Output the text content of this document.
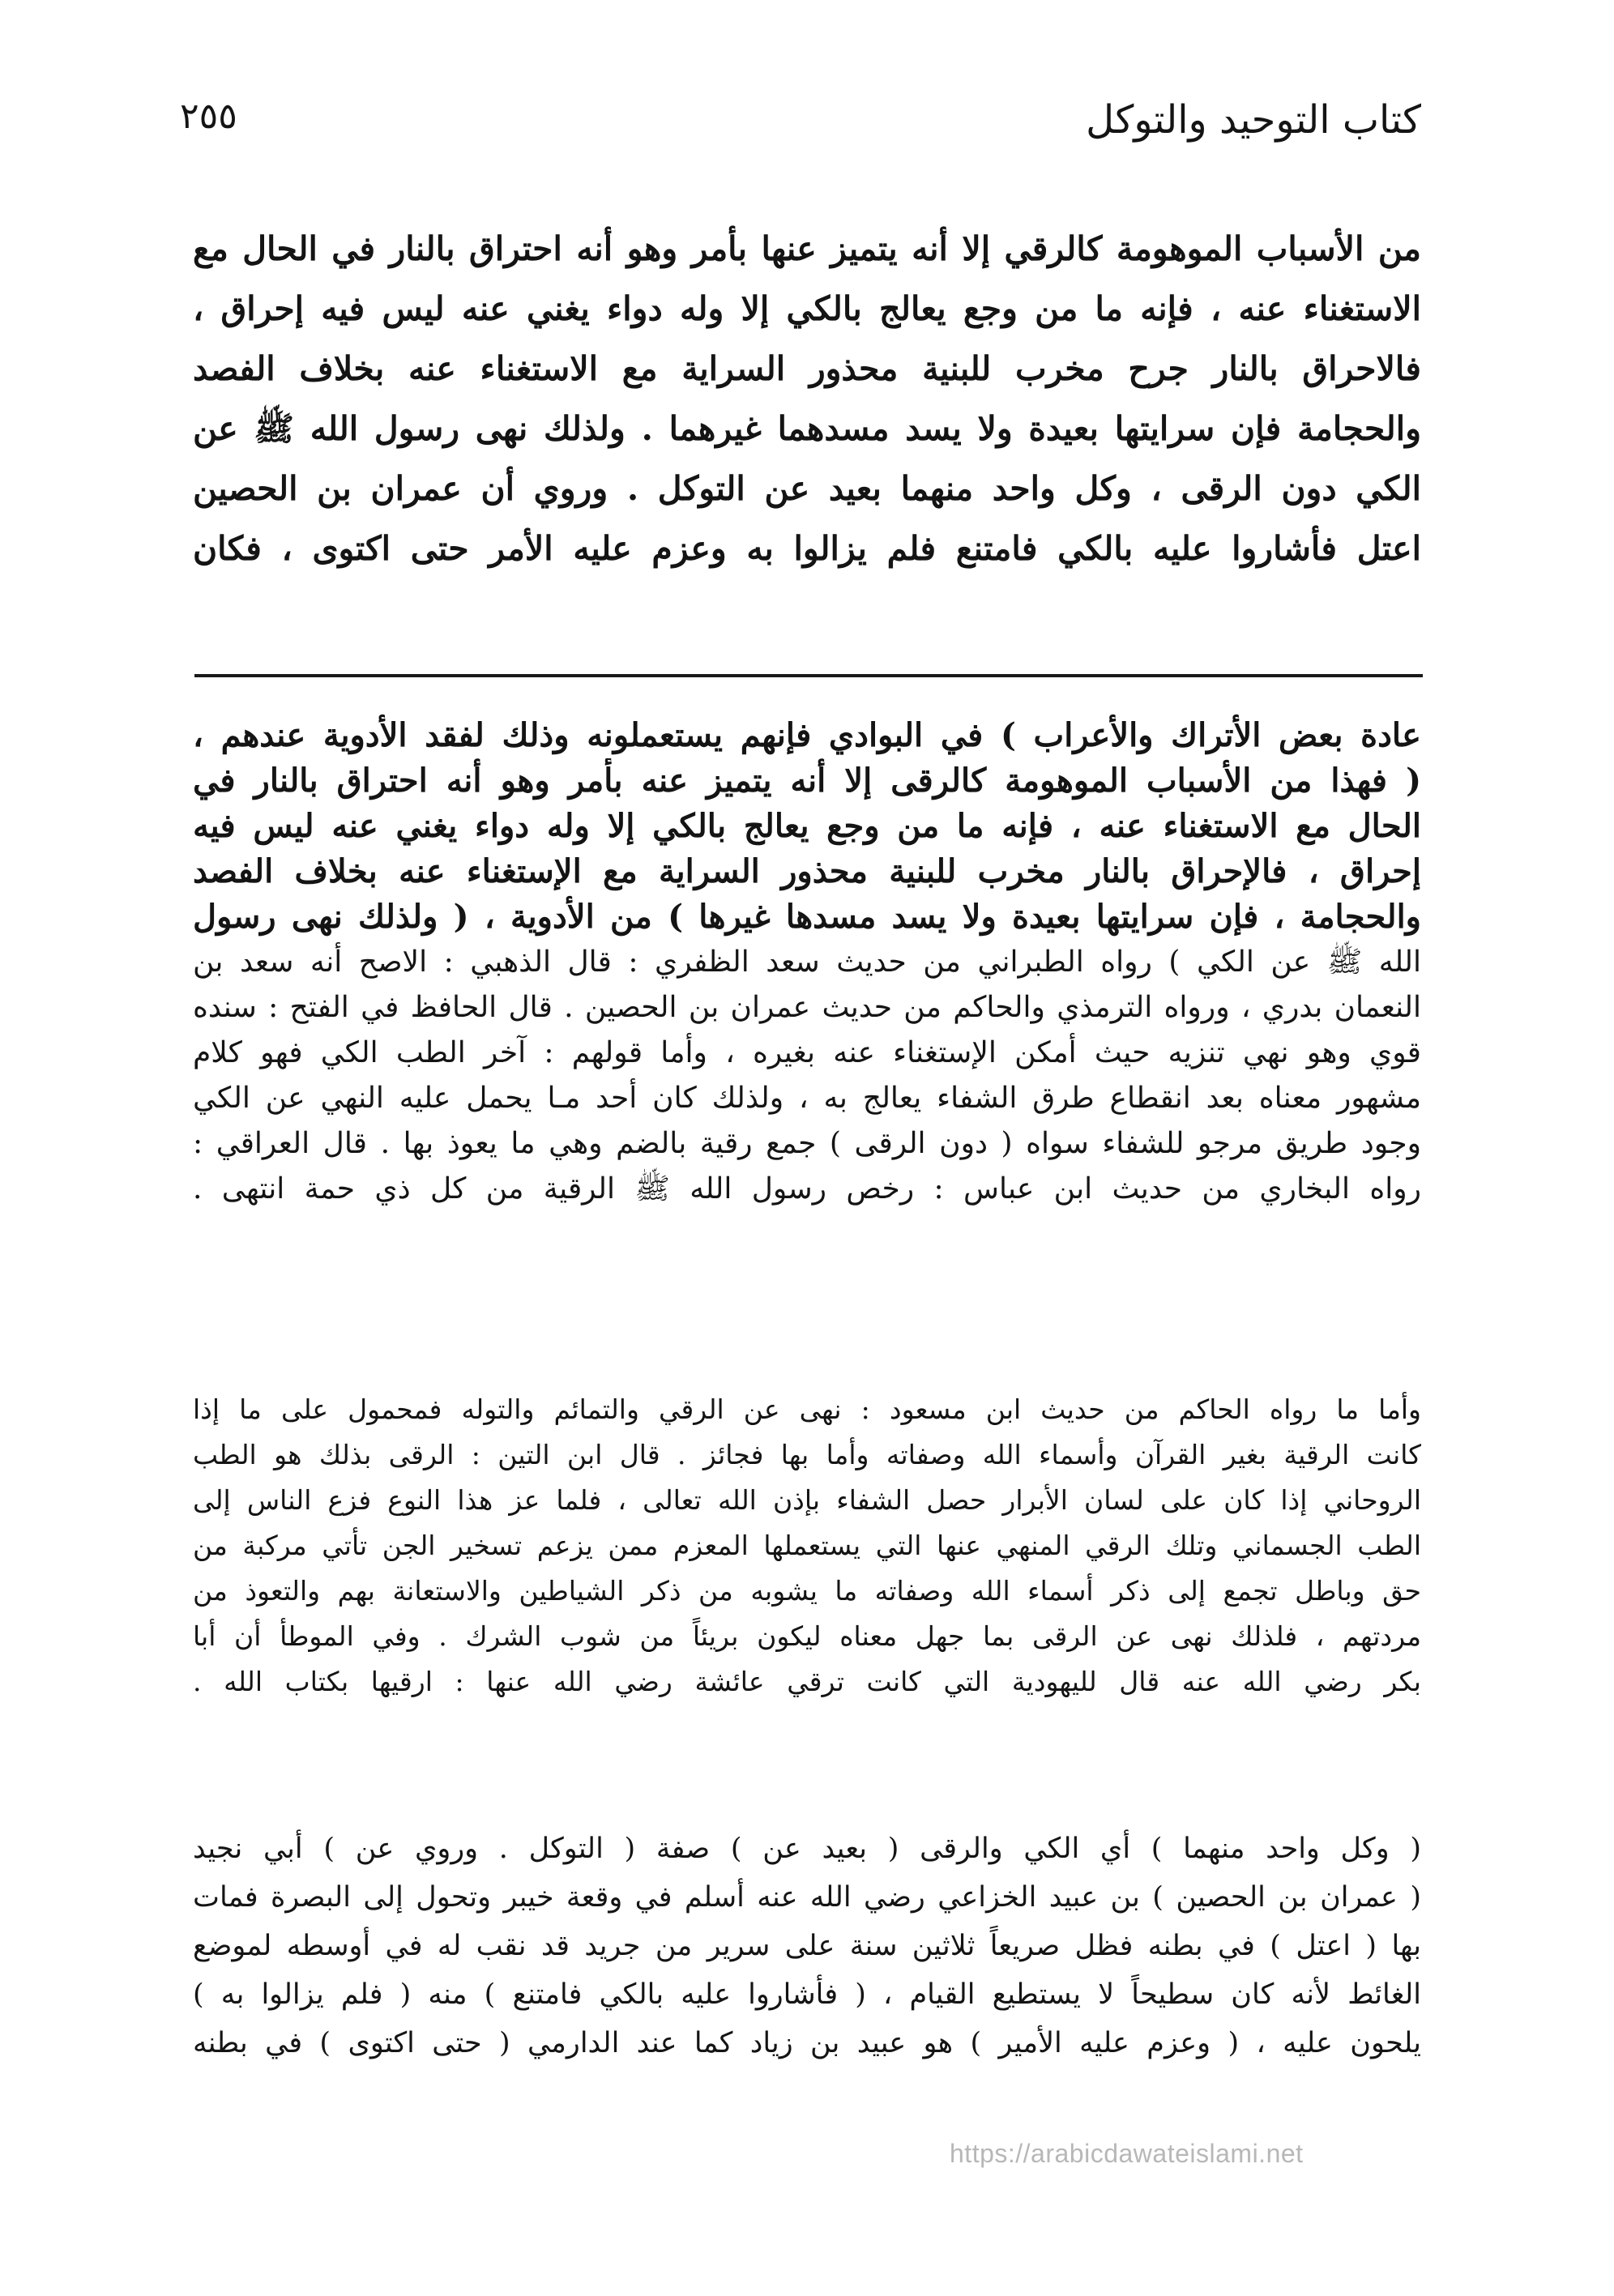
كتاب التوحيد والتوكل
٢٥٥
من الأسباب الموهومة كالرقي إلا أنه يتميز عنها بأمر وهو أنه احتراق بالنار في الحال مع
الاستغناء عنه ، فإنه ما من وجع يعالج بالكي إلا وله دواء يغني عنه ليس فيه إحراق ،
فالاحراق بالنار جرح مخرب للبنية محذور السراية مع الاستغناء عنه بخلاف الفصد
والحجامة فإن سرايتها بعيدة ولا يسد مسدهما غيرهما . ولذلك نهى رسول الله ﷺ عن
الكي دون الرقى ، وكل واحد منهما بعيد عن التوكل . وروي أن عمران بن الحصين
اعتل فأشاروا عليه بالكي فامتنع فلم يزالوا به وعزم عليه الأمر حتى اكتوى ، فكان
عادة بعض الأتراك والأعراب ) في البوادي فإنهم يستعملونه وذلك لفقد الأدوية عندهم ،
( فهذا من الأسباب الموهومة كالرقى إلا أنه يتميز عنه بأمر وهو أنه احتراق بالنار في
الحال مع الاستغناء عنه ، فإنه ما من وجع يعالج بالكي إلا وله دواء يغني عنه ليس فيه
إحراق ، فالإحراق بالنار مخرب للبنية محذور السراية مع الإستغناء عنه بخلاف الفصد
والحجامة ، فإن سرايتها بعيدة ولا يسد مسدها غيرها ) من الأدوية ، ( ولذلك نهى رسول
الله ﷺ عن الكي ) رواه الطبراني من حديث سعد الظفري : قال الذهبي : الاصح أنه سعد بن
النعمان بدري ، ورواه الترمذي والحاكم من حديث عمران بن الحصين . قال الحافظ في الفتح : سنده
قوي وهو نهي تنزيه حيث أمكن الإستغناء عنه بغيره ، وأما قولهم : آخر الطب الكي فهو كلام
مشهور معناه بعد انقطاع طرق الشفاء يعالج به ، ولذلك كان أحد مـا يحمل عليه النهي عن الكي
وجود طريق مرجو للشفاء سواه ( دون الرقى ) جمع رقية بالضم وهي ما يعوذ بها . قال العراقي :
رواه البخاري من حديث ابن عباس : رخص رسول الله ﷺ الرقية من كل ذي حمة انتهى .
وأما ما رواه الحاكم من حديث ابن مسعود : نهى عن الرقي والتمائم والتوله فمحمول على ما إذا
كانت الرقية بغير القرآن وأسماء الله وصفاته وأما بها فجائز . قال ابن التين : الرقى بذلك هو الطب
الروحاني إذا كان على لسان الأبرار حصل الشفاء بإذن الله تعالى ، فلما عز هذا النوع فزع الناس إلى
الطب الجسماني وتلك الرقي المنهي عنها التي يستعملها المعزم ممن يزعم تسخير الجن تأتي مركبة من
حق وباطل تجمع إلى ذكر أسماء الله وصفاته ما يشوبه من ذكر الشياطين والاستعانة بهم والتعوذ من
مردتهم ، فلذلك نهى عن الرقى بما جهل معناه ليكون بريئاً من شوب الشرك . وفي الموطأ أن أبا
بكر رضي الله عنه قال لليهودية التي كانت ترقي عائشة رضي الله عنها : ارقيها بكتاب الله .
( وكل واحد منهما ) أي الكي والرقى ( بعيد عن ) صفة ( التوكل . وروي عن ) أبي نجيد
( عمران بن الحصين ) بن عبيد الخزاعي رضي الله عنه أسلم في وقعة خيبر وتحول إلى البصرة فمات
بها ( اعتل ) في بطنه فظل صريعاً ثلاثين سنة على سرير من جريد قد نقب له في أوسطه لموضع
الغائط لأنه كان سطيحاً لا يستطيع القيام ، ( فأشاروا عليه بالكي فامتنع ) منه ( فلم يزالوا به )
يلحون عليه ، ( وعزم عليه الأمير ) هو عبيد بن زياد كما عند الدارمي ( حتى اكتوى ) في بطنه
https://arabicdawateislami.net
